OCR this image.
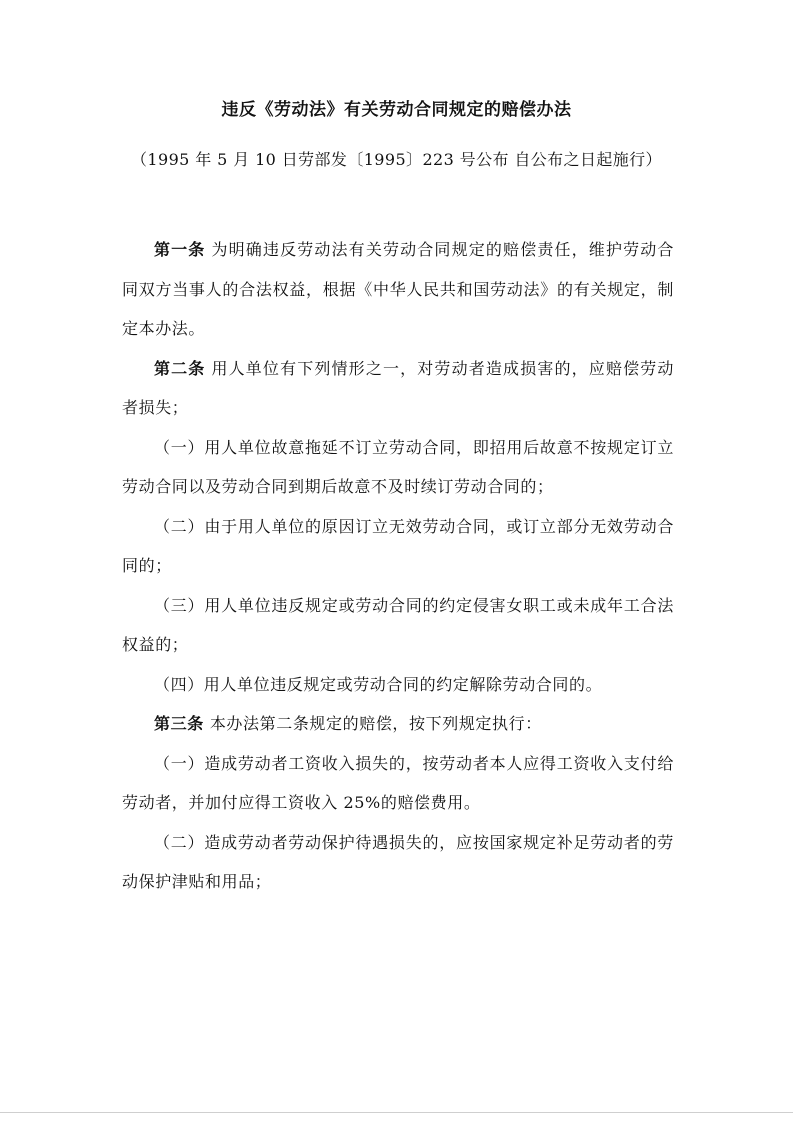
违反《劳动法》有关劳动合同规定的赔偿办法
（1995 年 5 月 10 日劳部发〔1995〕223 号公布 自公布之日起施行）

第一条 为明确违反劳动法有关劳动合同规定的赔偿责任，维护劳动合同双方当事人的合法权益，根据《中华人民共和国劳动法》的有关规定，制定本办法。

第二条 用人单位有下列情形之一，对劳动者造成损害的，应赔偿劳动者损失；

（一）用人单位故意拖延不订立劳动合同，即招用后故意不按规定订立劳动合同以及劳动合同到期后故意不及时续订劳动合同的；

（二）由于用人单位的原因订立无效劳动合同，或订立部分无效劳动合同的；

（三）用人单位违反规定或劳动合同的约定侵害女职工或未成年工合法权益的；

（四）用人单位违反规定或劳动合同的约定解除劳动合同的。

第三条 本办法第二条规定的赔偿，按下列规定执行：

（一）造成劳动者工资收入损失的，按劳动者本人应得工资收入支付给劳动者，并加付应得工资收入 25%的赔偿费用。

（二）造成劳动者劳动保护待遇损失的，应按国家规定补足劳动者的劳动保护津贴和用品；
